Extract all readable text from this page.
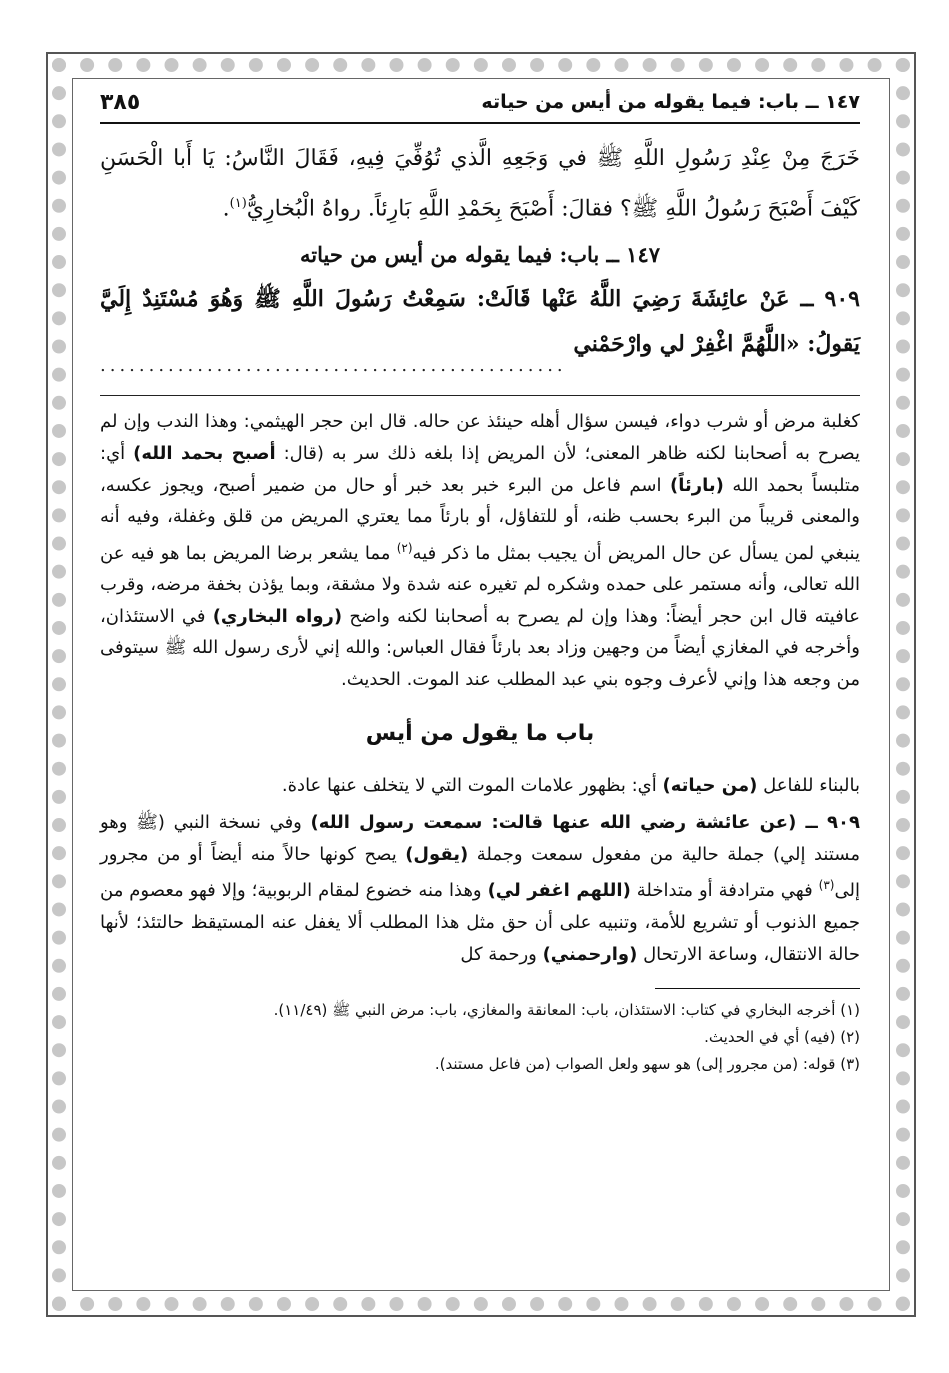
١٤٧ ــ باب: فيما يقوله من أيس من حياته
٣٨٥

خَرَجَ مِنْ عِنْدِ رَسُولِ اللَّهِ ﷺ في وَجَعِهِ الَّذي تُوُفِّيَ فِيهِ، فَقَالَ النَّاسُ: يَا أَبا الْحَسَنِ كَيْفَ أَصْبَحَ رَسُولُ اللَّهِ ﷺ؟ فقالَ: أَصْبَحَ بِحَمْدِ اللَّهِ بَارِئاً. رواهُ الْبُخارِيُّ$^{(١)}$.

١٤٧ ــ باب: فيما يقوله من أيس من حياته

٩٠٩ ــ عَنْ عائِشَةَ رَضِيَ اللَّهُ عَنْها قَالَتْ: سَمِعْتُ رَسُولَ اللَّهِ ﷺ وَهُوَ مُسْتَنِدٌ إِلَيَّ يَقولُ: «اللَّهُمَّ اغْفِرْ لي وارْحَمْني

................................................

كغلبة مرض أو شرب دواء، فيسن سؤال أهله حينئذ عن حاله. قال ابن حجر الهيثمي: وهذا الندب وإن لم يصرح به أصحابنا لكنه ظاهر المعنى؛ لأن المريض إذا بلغه ذلك سر به (قال: أصبح بحمد الله) أي: متلبساً بحمد الله (بارئاً) اسم فاعل من البرء خبر بعد خبر أو حال من ضمير أصبح، ويجوز عكسه، والمعنى قريباً من البرء بحسب ظنه، أو للتفاؤل، أو بارئاً مما يعتري المريض من قلق وغفلة، وفيه أنه ينبغي لمن يسأل عن حال المريض أن يجيب بمثل ما ذكر فيه$^{(٢)}$ مما يشعر برضا المريض بما هو فيه عن الله تعالى، وأنه مستمر على حمده وشكره لم تغيره عنه شدة ولا مشقة، وبما يؤذن بخفة مرضه، وقرب عافيته قال ابن حجر أيضاً: وهذا وإن لم يصرح به أصحابنا لكنه واضح (رواه البخاري) في الاستئذان، وأخرجه في المغازي أيضاً من وجهين وزاد بعد بارئاً فقال العباس: والله إني لأرى رسول الله ﷺ سيتوفى من وجعه هذا وإني لأعرف وجوه بني عبد المطلب عند الموت. الحديث.

باب ما يقول من أيس

بالبناء للفاعل (من حياته) أي: بظهور علامات الموت التي لا يتخلف عنها عادة.

٩٠٩ ــ (عن عائشة رضي الله عنها قالت: سمعت رسول الله) وفي نسخة النبي (ﷺ وهو مستند إلي) جملة حالية من مفعول سمعت وجملة (يقول) يصح كونها حالاً منه أيضاً أو من مجرور إلى$^{(٣)}$ فهي مترادفة أو متداخلة (اللهم اغفر لي) وهذا منه خضوع لمقام الربوبية؛ وإلا فهو معصوم من جميع الذنوب أو تشريع للأمة، وتنبيه على أن حق مثل هذا المطلب ألا يغفل عنه المستيقظ حالتئذ؛ لأنها حالة الانتقال، وساعة الارتحال (وارحمني) ورحمة كل

(١) أخرجه البخاري في كتاب: الاستئذان، باب: المعانقة والمغازي، باب: مرض النبي ﷺ (١١/٤٩).

(٢) (فيه) أي في الحديث.

(٣) قوله: (من مجرور إلى) هو سهو ولعل الصواب (من فاعل مستند).
